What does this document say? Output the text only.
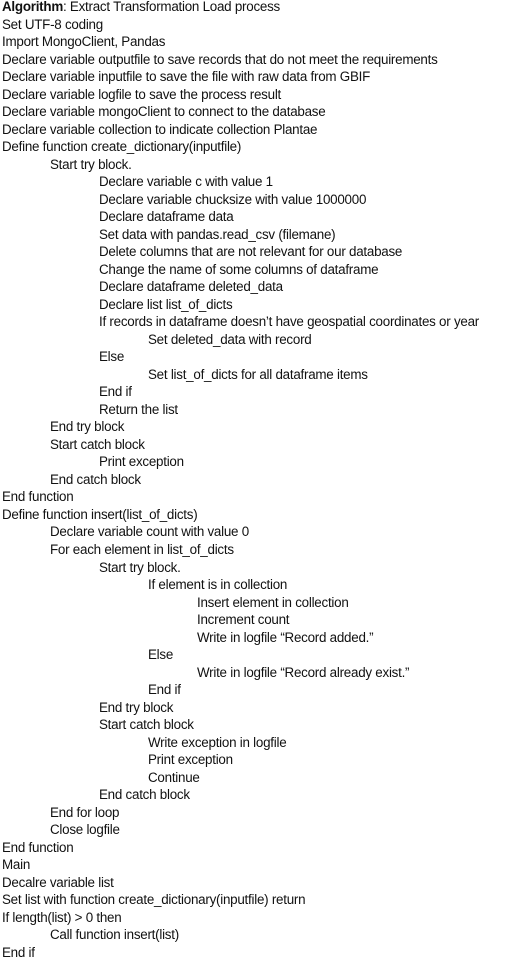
Algorithm: Extract Transformation Load process
Set UTF-8 coding
Import MongoClient, Pandas
Declare variable outputfile to save records that do not meet the requirements
Declare variable inputfile to save the file with raw data from GBIF
Declare variable logfile to save the process result
Declare variable mongoClient to connect to the database
Declare variable collection to indicate collection Plantae
Define function create_dictionary(inputfile)
Start try block.
Declare variable c with value 1
Declare variable chucksize with value 1000000
Declare dataframe data
Set data with pandas.read_csv (filemane)
Delete columns that are not relevant for our database
Change the name of some columns of dataframe
Declare dataframe deleted_data
Declare list list_of_dicts
If records in dataframe doesn’t have geospatial coordinates or year
Set deleted_data with record
Else
Set list_of_dicts for all dataframe items
End if
Return the list
End try block
Start catch block
Print exception
End catch block
End function
Define function insert(list_of_dicts)
Declare variable count with value 0
For each element in list_of_dicts
Start try block.
If element is in collection
Insert element in collection
Increment count
Write in logfile “Record added.”
Else
Write in logfile “Record already exist.”
End if
End try block
Start catch block
Write exception in logfile
Print exception
Continue
End catch block
End for loop
Close logfile
End function
Main
Decalre variable list
Set list with function create_dictionary(inputfile) return
If length(list) > 0 then
Call function insert(list)
End if
